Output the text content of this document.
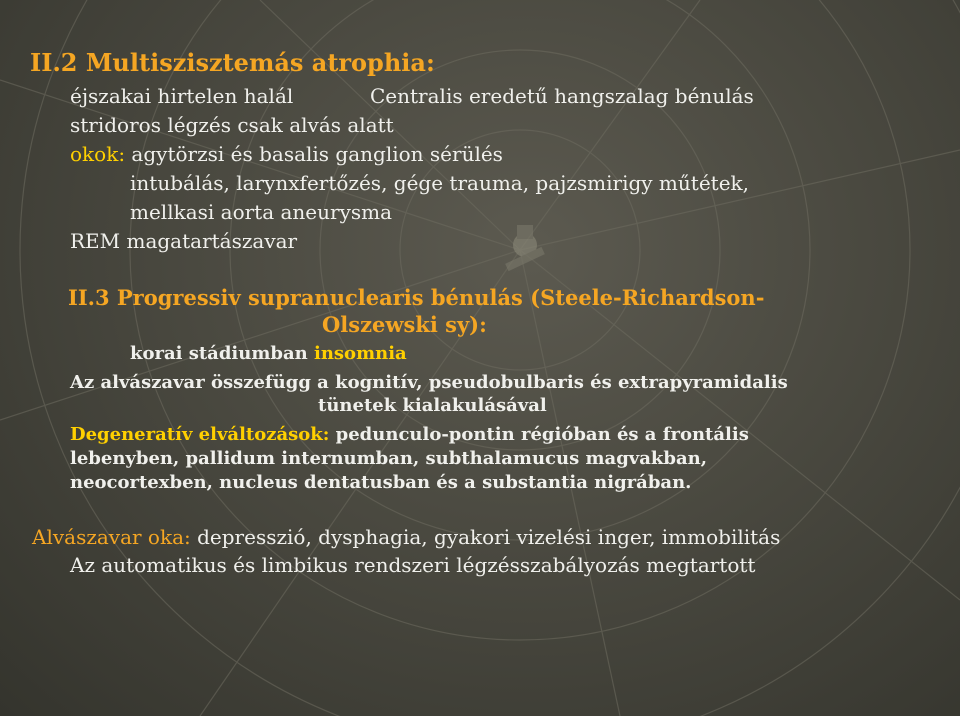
II.2 Multiszisztemás atrophia:
éjszakai hirtelen halál	Centralis eredetű hangszalag bénulás
stridoros légzés csak alvás alatt
okok: agytörzsi és basalis ganglion sérülés
intubálás, larynxfertőzés, gége trauma, pajzsmirigy műtétek,
mellkasi aorta aneurysma
REM magatartászavar
II.3 Progressiv supranuclearis bénulás (Steele-Richardson-
Olszewski sy):
korai stádiumban insomnia
Az alvászavar összefügg a kognitív, pseudobulbaris és extrapyramidalis
tünetek kialakulásával
Degeneratív elváltozások: pedunculo-pontin régióban és a frontális
lebenyben, pallidum internumban, subthalamucus magvakban,
neocortexben, nucleus dentatusban és a substantia nigrában.
Alvászavar oka: depresszió, dysphagia, gyakori vizelési inger, immobilitás
Az automatikus és limbikus rendszeri légzésszabályozás megtartott
